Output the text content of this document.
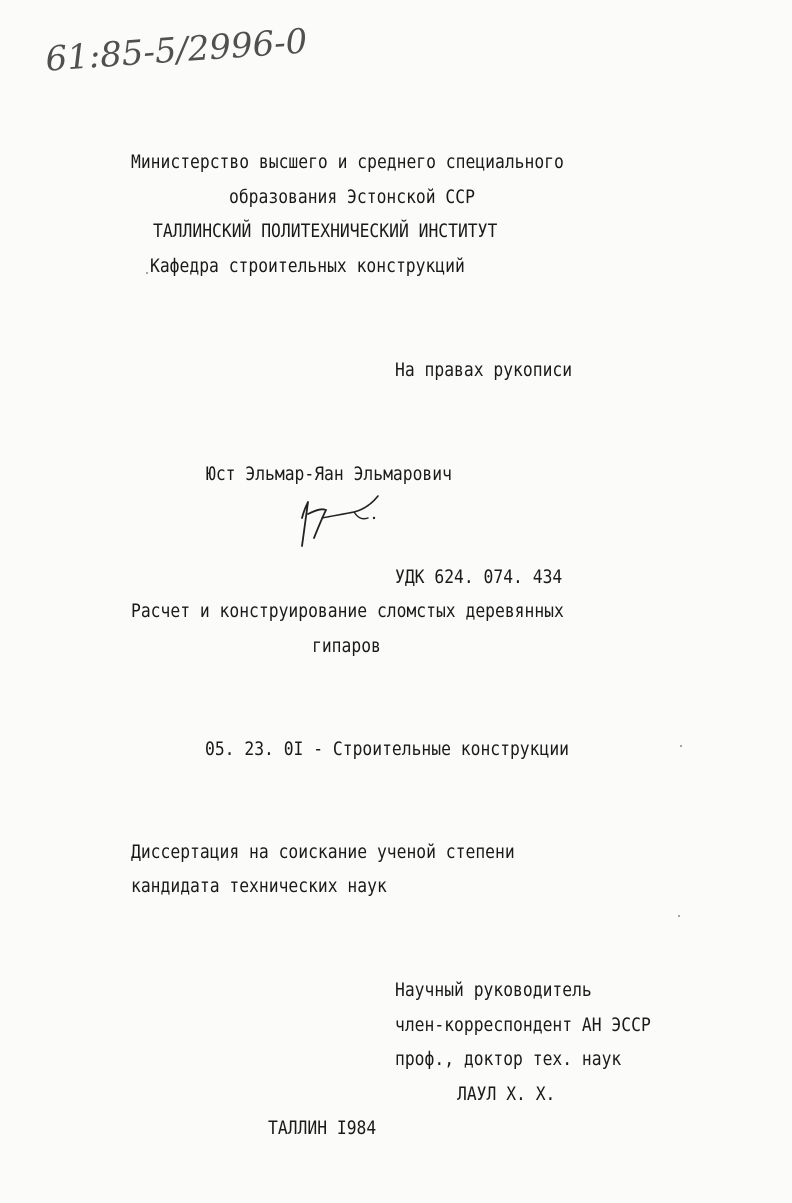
61:85-5/2996-0
Министерство высшего и среднего специального
образования Эстонской ССР
ТАЛЛИНСКИЙ ПОЛИТЕХНИЧЕСКИЙ ИНСТИТУТ
Кафедра строительных конструкций
На правах рукописи
Юст Эльмар-Яан Эльмарович
УДК 624. 074. 434
Расчет и конструирование сломстых деревянных
гипаров
05. 23. 0I - Строительные конструкции
Диссертация на соискание ученой степени
кандидата технических наук
Научный руководитель
член-корреспондент АН ЭССР
проф., доктор тех. наук
ЛАУЛ Х. Х.
ТАЛЛИН I984
